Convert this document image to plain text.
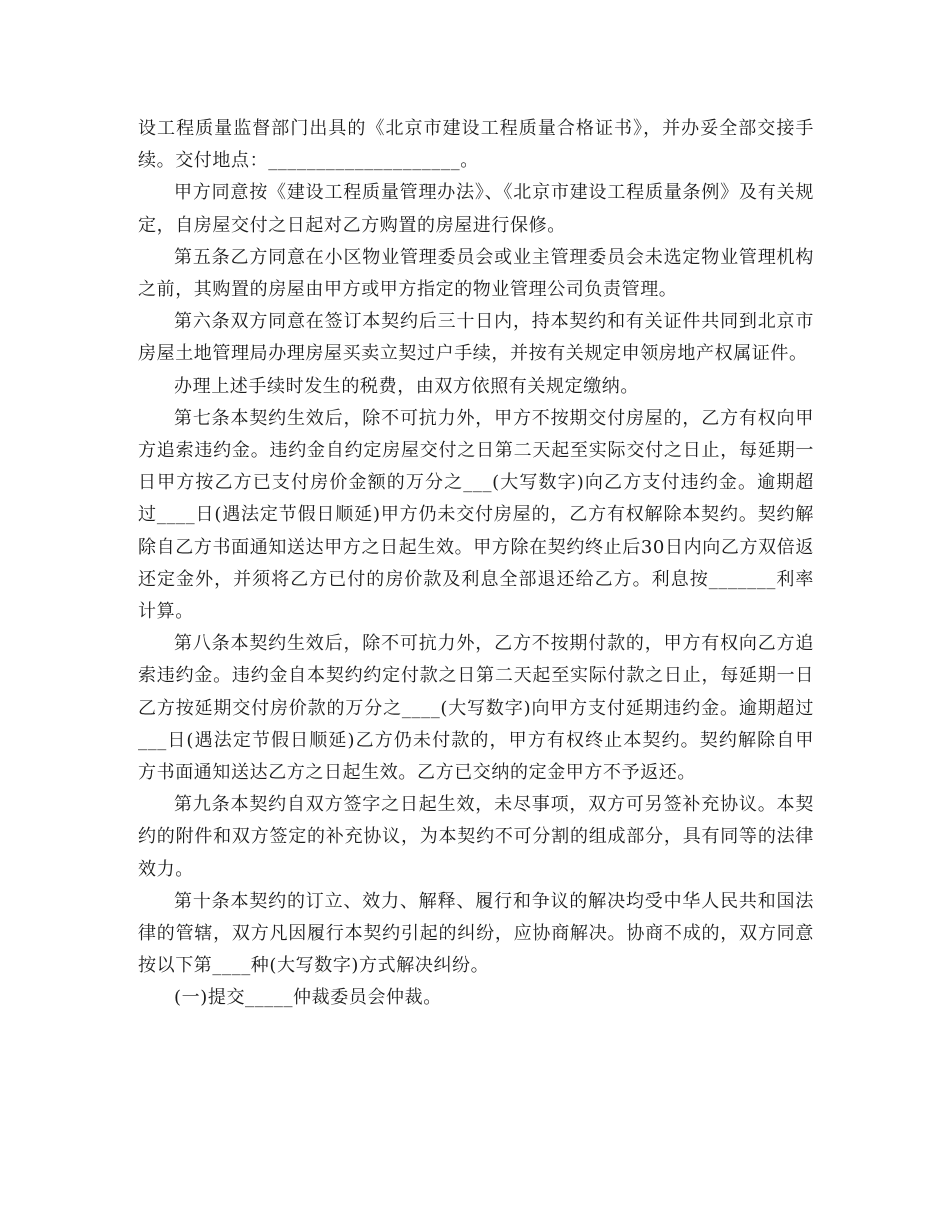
设工程质量监督部门出具的《北京市建设工程质量合格证书》，并办妥全部交接手续。交付地点：____________________。

甲方同意按《建设工程质量管理办法》、《北京市建设工程质量条例》及有关规定，自房屋交付之日起对乙方购置的房屋进行保修。

第五条乙方同意在小区物业管理委员会或业主管理委员会未选定物业管理机构之前，其购置的房屋由甲方或甲方指定的物业管理公司负责管理。

第六条双方同意在签订本契约后三十日内，持本契约和有关证件共同到北京市房屋土地管理局办理房屋买卖立契过户手续，并按有关规定申领房地产权属证件。

办理上述手续时发生的税费，由双方依照有关规定缴纳。

第七条本契约生效后，除不可抗力外，甲方不按期交付房屋的，乙方有权向甲方追索违约金。违约金自约定房屋交付之日第二天起至实际交付之日止，每延期一日甲方按乙方已支付房价金额的万分之___(大写数字)向乙方支付违约金。逾期超过____日(遇法定节假日顺延)甲方仍未交付房屋的，乙方有权解除本契约。契约解除自乙方书面通知送达甲方之日起生效。甲方除在契约终止后30日内向乙方双倍返还定金外，并须将乙方已付的房价款及利息全部退还给乙方。利息按_______利率计算。

第八条本契约生效后，除不可抗力外，乙方不按期付款的，甲方有权向乙方追索违约金。违约金自本契约约定付款之日第二天起至实际付款之日止，每延期一日乙方按延期交付房价款的万分之____(大写数字)向甲方支付延期违约金。逾期超过___日(遇法定节假日顺延)乙方仍未付款的，甲方有权终止本契约。契约解除自甲方书面通知送达乙方之日起生效。乙方已交纳的定金甲方不予返还。

第九条本契约自双方签字之日起生效，未尽事项，双方可另签补充协议。本契约的附件和双方签定的补充协议，为本契约不可分割的组成部分，具有同等的法律效力。

第十条本契约的订立、效力、解释、履行和争议的解决均受中华人民共和国法律的管辖，双方凡因履行本契约引起的纠纷，应协商解决。协商不成的，双方同意按以下第____种(大写数字)方式解决纠纷。

(一)提交_____仲裁委员会仲裁。
